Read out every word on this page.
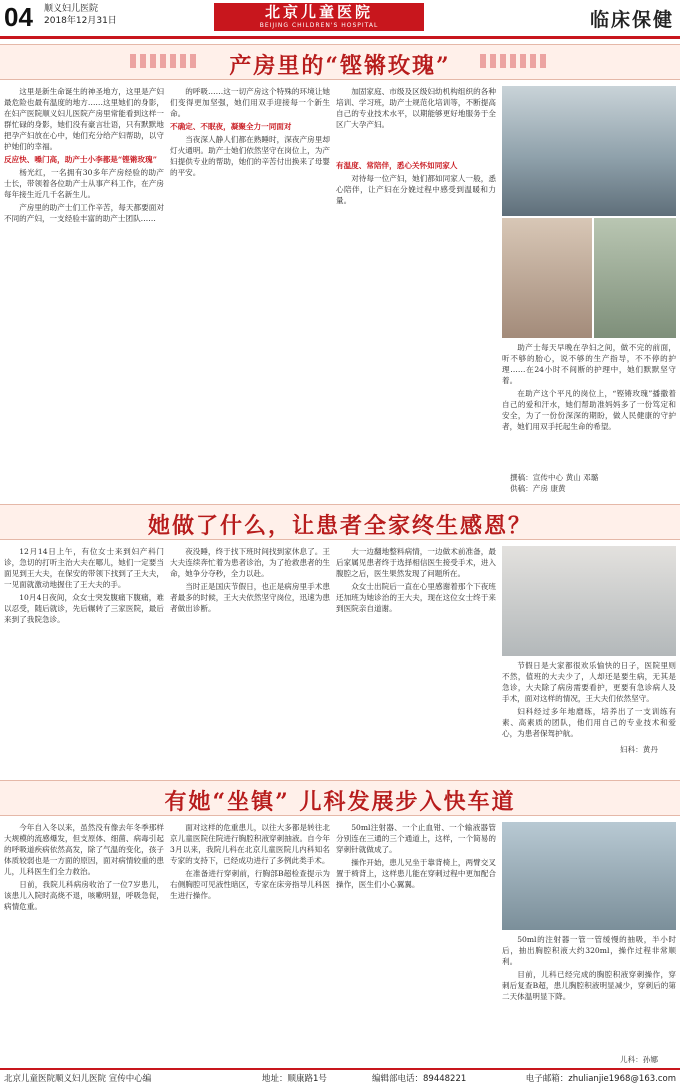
04 顺义妇儿医院
2018年12月31日	北京儿童医院
BEIJING CHILDREN'S HOSPITAL	临床保健
产房里的“铿锵玫瑰”

这里是新生命诞生的神圣地方，这里是产妇最危险也最有温度的地方……这里她们的身影，在妇产医院顺义妇儿医院产房里常能看到这样一群忙碌的身影，她们没有豪言壮语，只有默默地把孕产妇放在心中，她们充分给产妇帮助，以守护她们的幸福。

反应快、嗓门高，助产士小李都是“铿锵玫瑰”

杨光红，一名拥有30多年产房经验的助产士长，带领着各位助产士从事产科工作，在产房每年接生近几千名新生儿。

产房里的助产士们工作辛苦，每天都要面对不同的产妇，一支经验丰富的助产士团队……

的呼吸……这一切产房这个特殊的环境让她们变得更加坚强，她们用双手迎接每一个新生命。

不确定、不眠夜，凝聚全力一同面对

当夜深人静人们都在熟睡时，深夜产房里却灯火通明。助产士她们依然坚守在岗位上，为产妇提供专业的帮助，她们的辛苦付出换来了母婴的平安。

加固家庭、市级及区级妇幼机构组织的各种培训、学习班，助产士规范化培训等，不断提高自己的专业技术水平，以期能够更好地服务于全区广大孕产妇。

有温度、常陪伴，悉心关怀如同家人

对待每一位产妇，她们都如同家人一般，悉心陪伴，让产妇在分娩过程中感受到温暖和力量。

助产士每天早晚在孕妇之间，做不完的前面，听不够的胎心，说不够的生产指导，不不停的护理……在24小时不间断的护理中，她们默默坚守着。

在助产这个平凡的岗位上，“铿锵玫瑰”播撒着自己的爱和汗水，她们帮助准妈妈多了一份笃定和安全，为了一份份深深的期盼，做人民健康的守护者，她们用双手托起生命的希望。

撰稿：宣传中心 黄山 邓璐
供稿：产房 康黄
她做了什么，让患者全家终生感恩？

12月14日上午，有位女士来到妇产科门诊，急切的打听主治大夫在哪儿，她们一定要当面见到王大夫，在保安的带领下找到了王大夫，一见面就激动地握住了王大夫的手。

10月4日夜间，众女士突发腹痛下腹痛，难以忍受，随后就诊，先后辗转了三家医院，最后来到了我院急诊。

夜没睡，终于找下班时间找到家休息了。王大夫连续奔忙着为患者诊治，为了抢救患者的生命，她争分夺秒，全力以赴。

当时正是国庆节假日，也正是病房里手术患者最多的时候，王大夫依然坚守岗位，迅速为患者做出诊断。

大一边翻地整料病情，一边做术前准备，最后家属见患者终于选择相信医生接受手术，进入腹腔之后，医生果然发现了问题所在。

众女士出院后一直在心里感谢着那个下夜班还加班为她诊治的王大夫，现在这位女士终于来到医院亲自道谢。

节假日是大家都很欢乐愉快的日子，医院里则不然，值班的大夫少了，人却还是要生病，无其是急诊，大夫除了病房需要看护，更要有急诊病人及手术，面对这样的情况，王大夫们依然坚守。

妇科经过多年地磨练，培养出了一支训练有素、高素质的团队，他们用自己的专业技术和爱心，为患者保驾护航。

妇科：黄丹
有她“坐镇” 儿科发展步入快车道

今年自入冬以来，虽然没有像去年冬季那样大规模的流感爆发，但支原体、细菌、病毒引起的呼吸道疾病依然高发，除了气温的变化，孩子体质较弱也是一方面的原因，面对病情较重的患儿，儿科医生们全力救治。

日前，我院儿科病房收治了一位7岁患儿，该患儿入院时高烧不退，咳嗽明显，呼吸急促，病情危重。

面对这样的危重患儿，以往大多都是转往北京儿童医院住院进行胸腔积液穿刺抽液。自今年3月以来，我院儿科在北京儿童医院儿内科知名专家的支持下，已经成功进行了多例此类手术。

在准备进行穿刺前，行胸部B超检查提示为右侧胸腔可见液性暗区，专家在床旁指导儿科医生进行操作。

50ml注射器、一个止血钳、一个输液器管分别连在三通的三个通道上，这样，一个简易的穿刺针就做成了。

操作开始，患儿兄坐于靠背椅上，两臂交叉置于椅背上，这样患儿能在穿刺过程中更加配合操作，医生们小心翼翼。

50ml的注射器一管一管缓慢的抽吸，半小时后，抽出胸腔积液大约320ml，操作过程非常顺利。

目前，儿科已经完成的胸腔积液穿刺操作，穿刺后复查B超，患儿胸腔积液明显减少，穿刺后的第二天体温明显下降。

儿科：孙娜
北京儿童医院顺义妇儿医院 宣传中心编	地址：顺康路1号	编辑部电话：89448221	电子邮箱：zhulianjie1968@163.com
